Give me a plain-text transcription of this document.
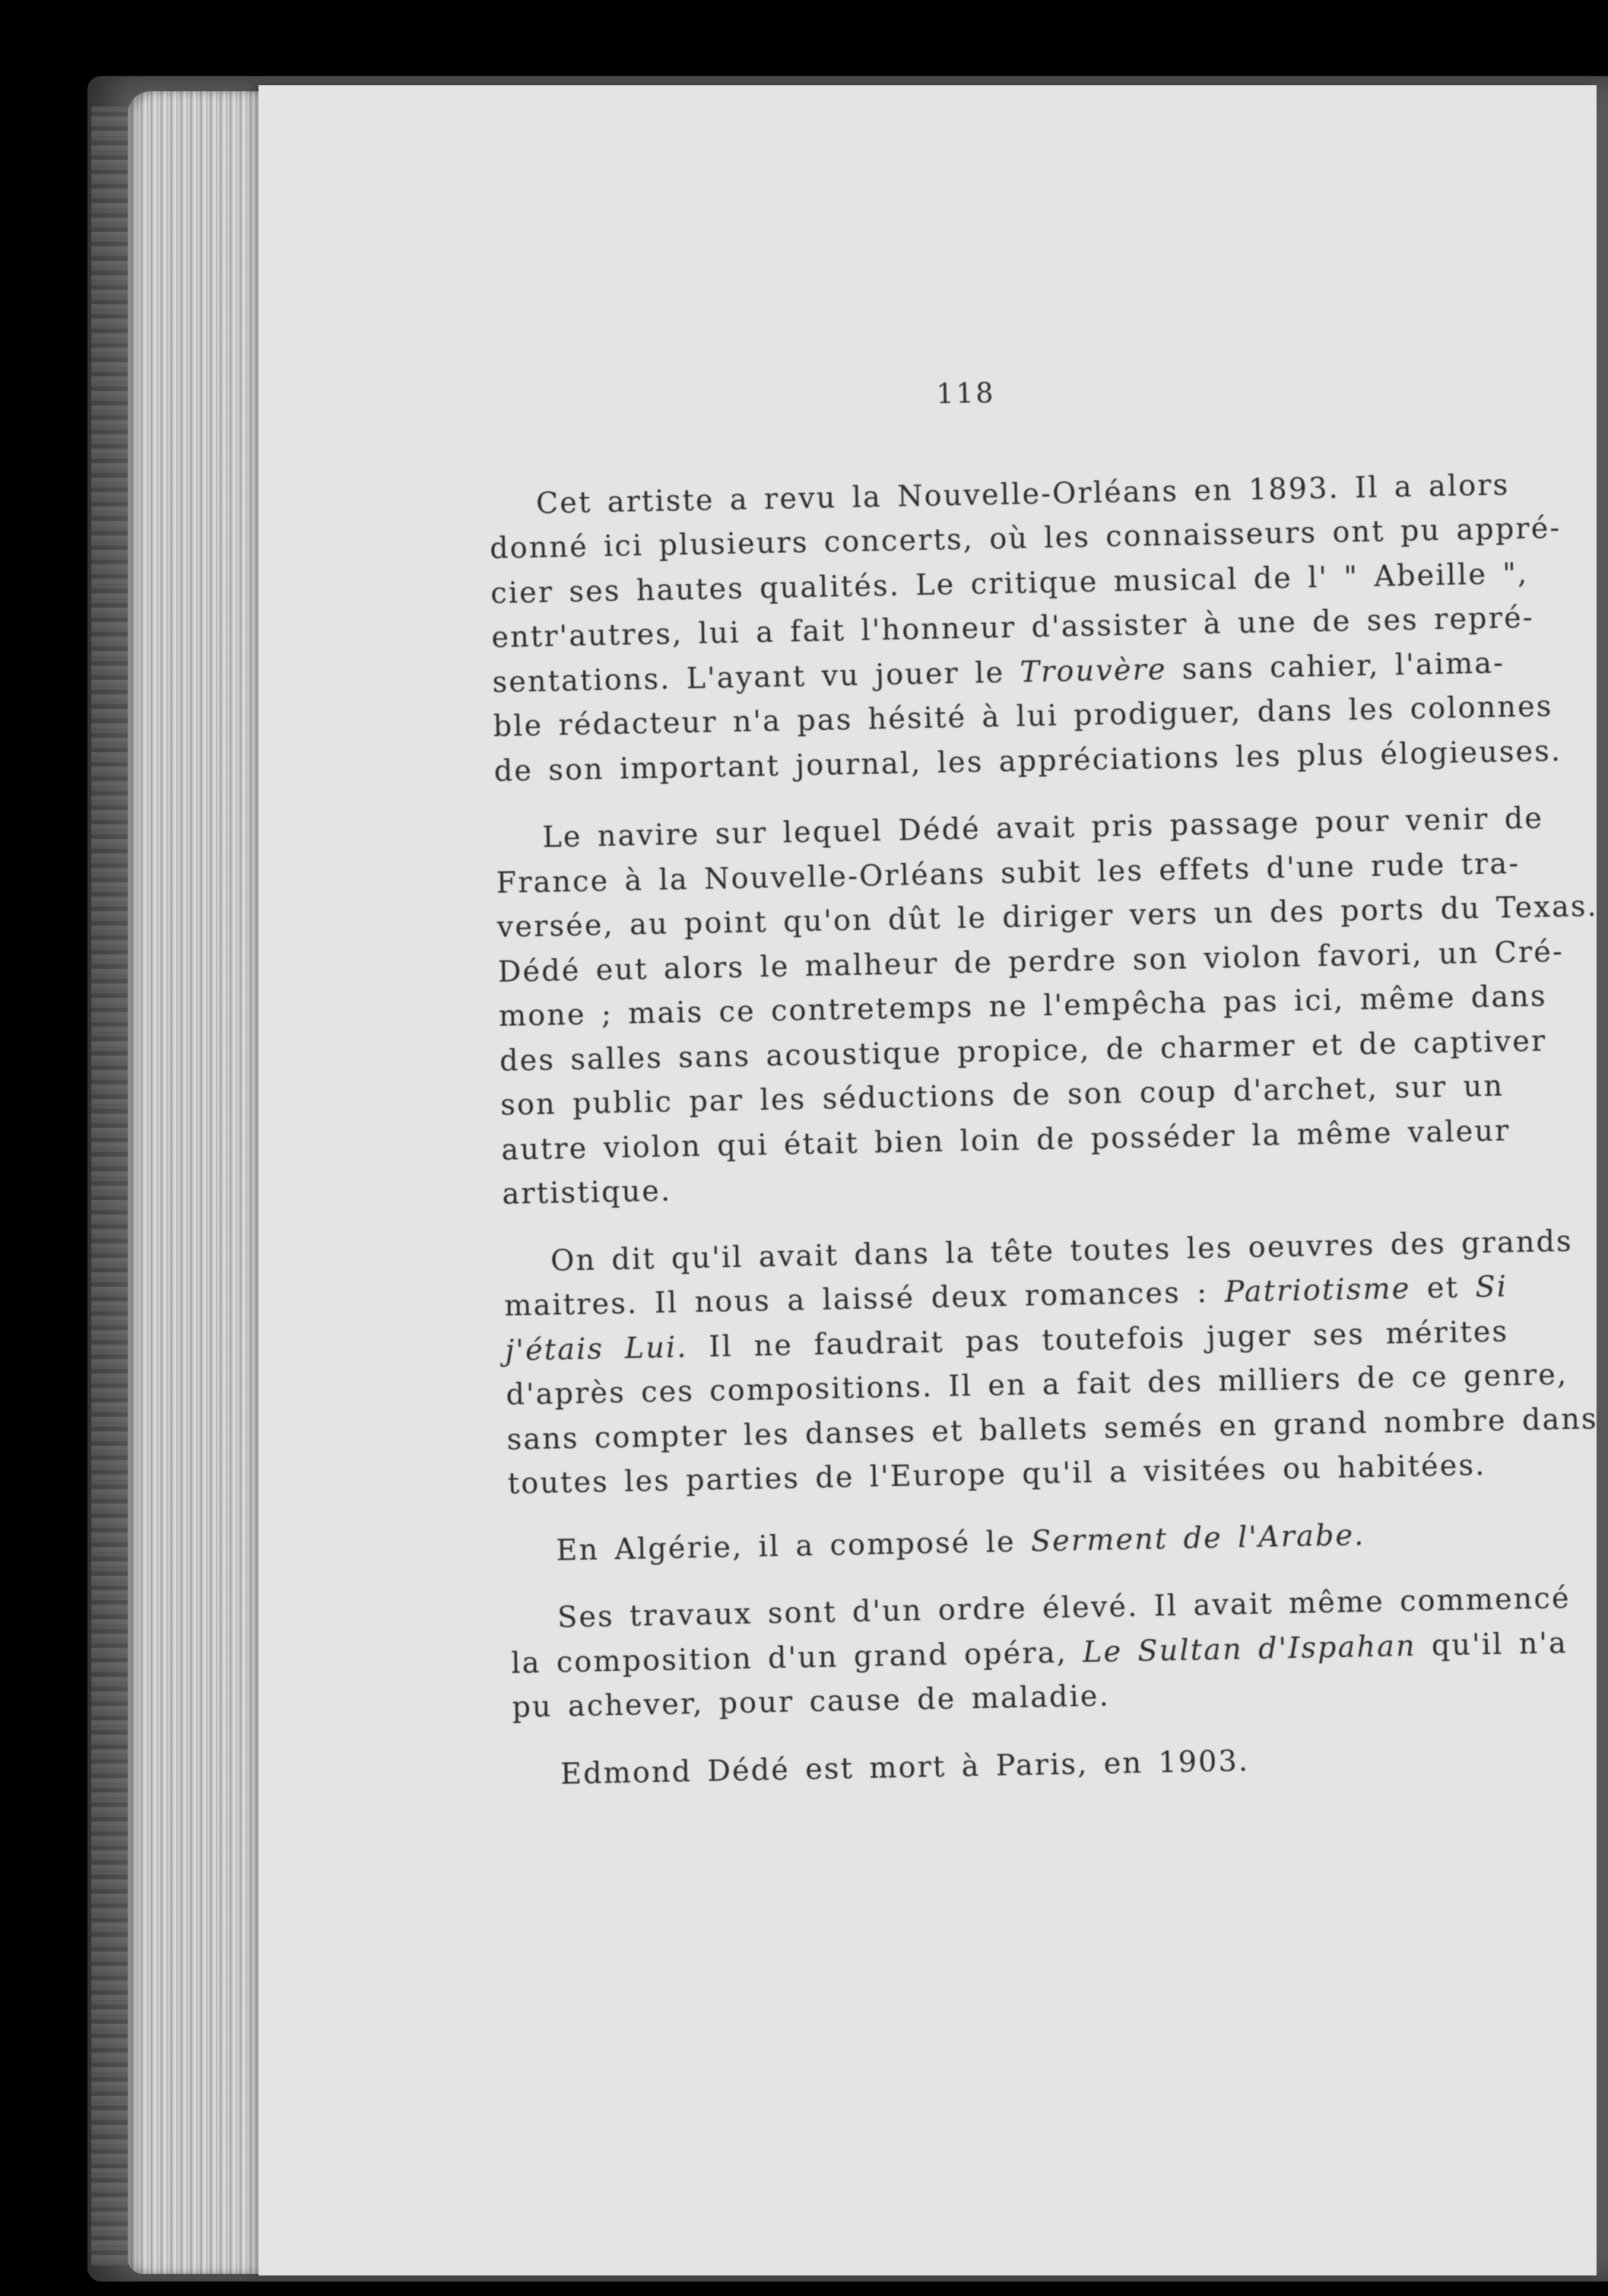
118
Cet artiste a revu la Nouvelle-Orléans en 1893. Il a alors
donné ici plusieurs concerts, où les connaisseurs ont pu appré-
cier ses hautes qualités. Le critique musical de l' " Abeille ",
entr'autres, lui a fait l'honneur d'assister à une de ses repré-
sentations. L'ayant vu jouer le Trouvère sans cahier, l'aima-
ble rédacteur n'a pas hésité à lui prodiguer, dans les colonnes
de son important journal, les appréciations les plus élogieuses.
Le navire sur lequel Dédé avait pris passage pour venir de
France à la Nouvelle-Orléans subit les effets d'une rude tra-
versée, au point qu'on dût le diriger vers un des ports du Texas.
Dédé eut alors le malheur de perdre son violon favori, un Cré-
mone ; mais ce contretemps ne l'empêcha pas ici, même dans
des salles sans acoustique propice, de charmer et de captiver
son public par les séductions de son coup d'archet, sur un
autre violon qui était bien loin de posséder la même valeur
artistique.
On dit qu'il avait dans la tête toutes les oeuvres des grands
maitres. Il nous a laissé deux romances : Patriotisme et Si
j'étais Lui. Il ne faudrait pas toutefois juger ses mérites
d'après ces compositions. Il en a fait des milliers de ce genre,
sans compter les danses et ballets semés en grand nombre dans
toutes les parties de l'Europe qu'il a visitées ou habitées.
En Algérie, il a composé le Serment de l'Arabe.
Ses travaux sont d'un ordre élevé. Il avait même commencé
la composition d'un grand opéra, Le Sultan d'Ispahan qu'il n'a
pu achever, pour cause de maladie.
Edmond Dédé est mort à Paris, en 1903.
